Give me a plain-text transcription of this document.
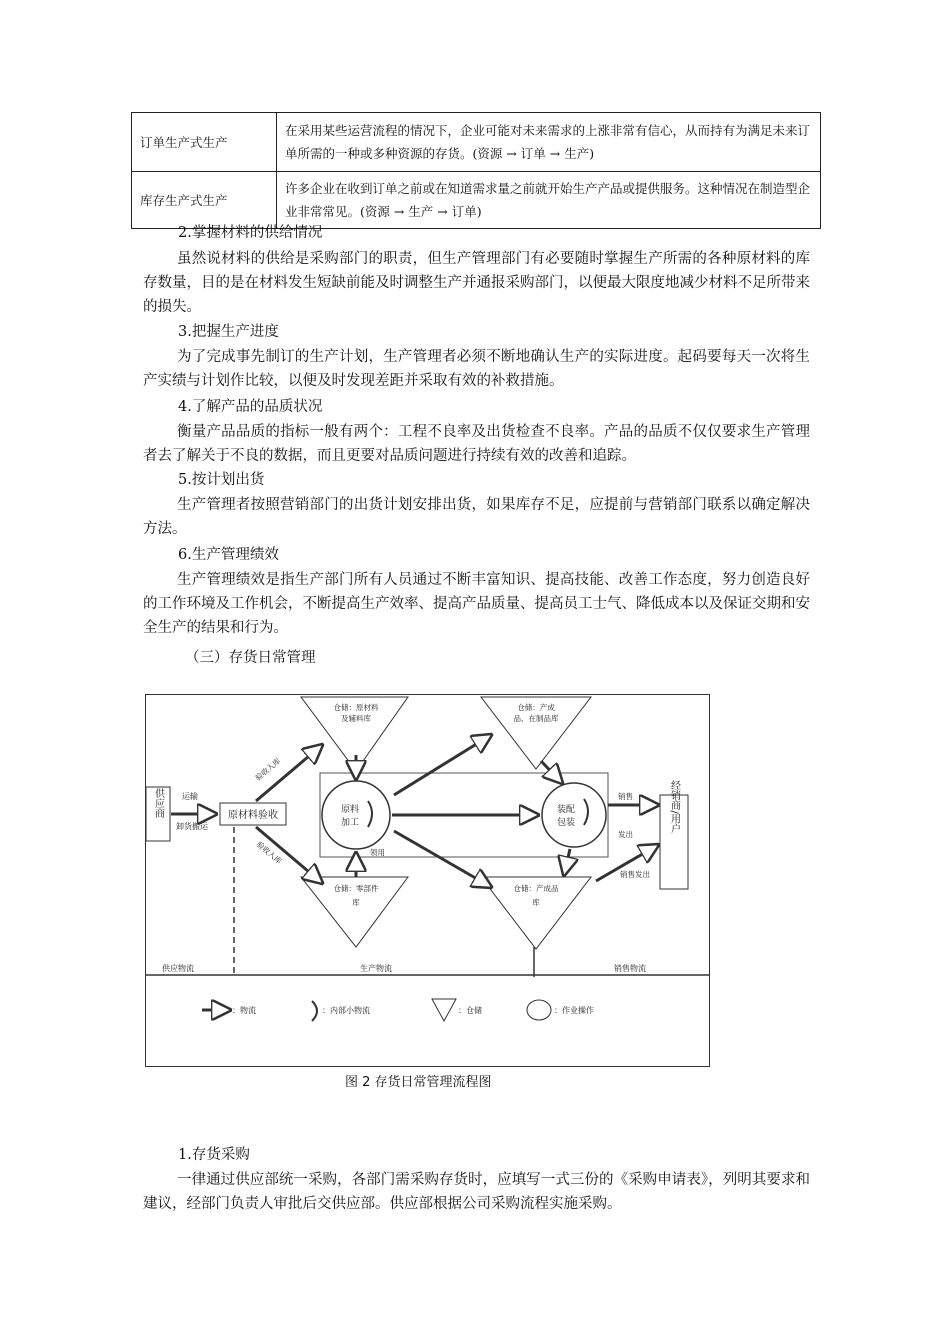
订单生产式生产	在采用某些运营流程的情况下，企业可能对未来需求的上涨非常有信心，从而持有为满足未来订单所需的一种或多种资源的存货。(资源 → 订单 → 生产)
库存生产式生产	许多企业在收到订单之前或在知道需求量之前就开始生产产品或提供服务。这种情况在制造型企业非常常见。(资源 → 生产 → 订单)
2.掌握材料的供给情况
虽然说材料的供给是采购部门的职责，但生产管理部门有必要随时掌握生产所需的各种原材料的库存数量，目的是在材料发生短缺前能及时调整生产并通报采购部门，以便最大限度地减少材料不足所带来的损失。
3.把握生产进度
为了完成事先制订的生产计划，生产管理者必须不断地确认生产的实际进度。起码要每天一次将生产实绩与计划作比较，以便及时发现差距并采取有效的补救措施。
4.了解产品的品质状况
衡量产品品质的指标一般有两个：工程不良率及出货检查不良率。产品的品质不仅仅要求生产管理者去了解关于不良的数据，而且更要对品质问题进行持续有效的改善和追踪。
5.按计划出货
生产管理者按照营销部门的出货计划安排出货，如果库存不足，应提前与营销部门联系以确定解决方法。
6.生产管理绩效
生产管理绩效是指生产部门所有人员通过不断丰富知识、提高技能、改善工作态度，努力创造良好的工作环境及工作机会，不断提高生产效率、提高产品质量、提高员工士气、降低成本以及保证交期和安全生产的结果和行为。
（三）存货日常管理
供应商 运输
卸货搬运
原材料验收
仓储：原材料
及辅料库
仓储：产成
品、在制品库
原料
加工
装配
包装
仓储：零部件
库
仓储：产成品
库
经销商/用户
验收入库
验收入库	领用
销售
发出
销售发出
供应物流	生产物流	销售物流
：物流	：内部小物流	：仓储	：作业操作
图 2 存货日常管理流程图
1.存货采购
一律通过供应部统一采购，各部门需采购存货时，应填写一式三份的《采购申请表》，列明其要求和建议，经部门负责人审批后交供应部。供应部根据公司采购流程实施采购。
